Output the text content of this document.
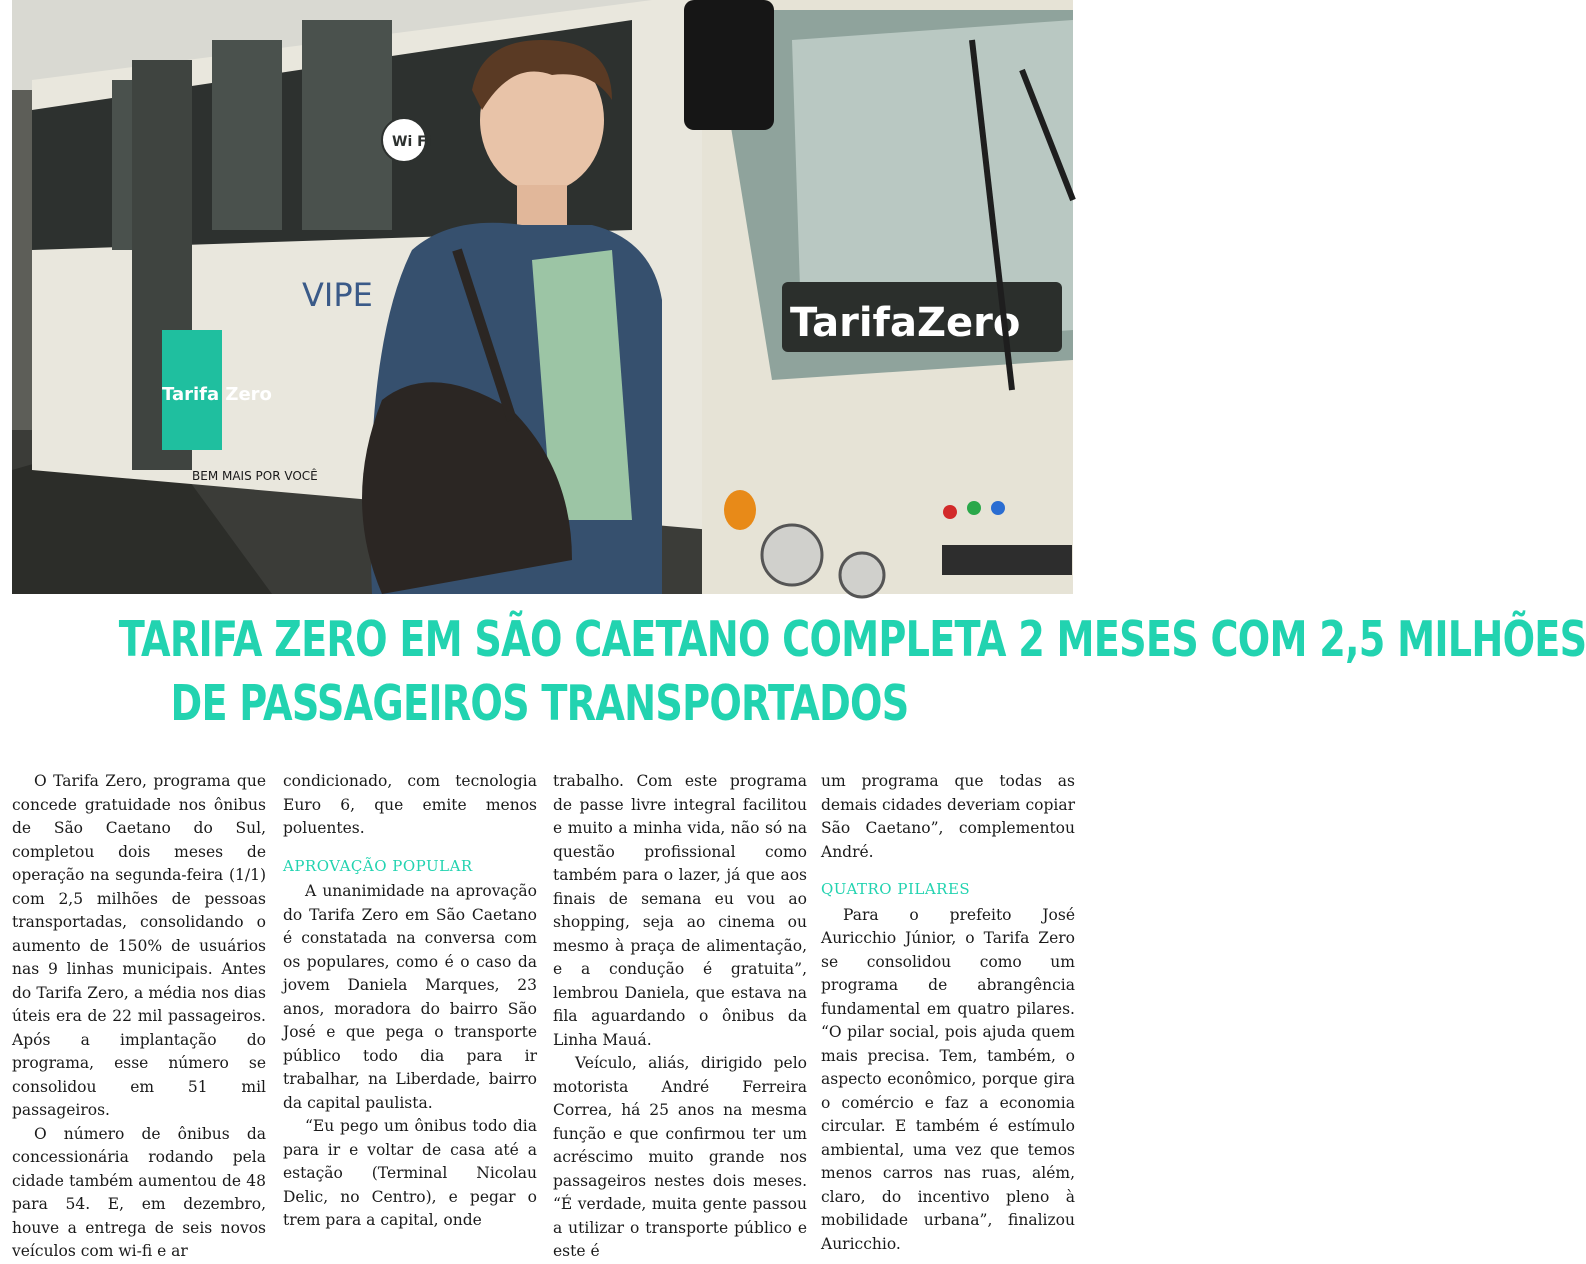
TarifaZero
Wi Fi
VIPE
Tarifa Zero
BEM MAIS POR VOCÊ
TARIFA ZERO EM SÃO CAETANO COMPLETA 2 MESES COM 2,5 MILHÕES
DE PASSAGEIROS TRANSPORTADOS

O Tarifa Zero, programa que concede gratuidade nos ônibus de São Caetano do Sul, completou dois meses de operação na segunda-feira (1/1) com 2,5 milhões de pessoas transportadas, consolidando o aumento de 150% de usuários nas 9 linhas municipais. Antes do Tarifa Zero, a média nos dias úteis era de 22 mil passageiros. Após a implantação do programa, esse número se consolidou em 51 mil passageiros.

O número de ônibus da concessionária rodando pela cidade também aumentou de 48 para 54. E, em dezembro, houve a entrega de seis novos veículos com wi-fi e ar

condicionado, com tecnologia Euro 6, que emite menos poluentes.

APROVAÇÃO POPULAR

A unanimidade na aprovação do Tarifa Zero em São Caetano é constatada na conversa com os populares, como é o caso da jovem Daniela Marques, 23 anos, moradora do bairro São José e que pega o transporte público todo dia para ir trabalhar, na Liberdade, bairro da capital paulista.

“Eu pego um ônibus todo dia para ir e voltar de casa até a estação (Terminal Nicolau Delic, no Centro), e pegar o trem para a capital, onde

trabalho. Com este programa de passe livre integral facilitou e muito a minha vida, não só na questão profissional como também para o lazer, já que aos finais de semana eu vou ao shopping, seja ao cinema ou mesmo à praça de alimentação, e a condução é gratuita”, lembrou Daniela, que estava na fila aguardando o ônibus da Linha Mauá.

Veículo, aliás, dirigido pelo motorista André Ferreira Correa, há 25 anos na mesma função e que confirmou ter um acréscimo muito grande nos passageiros nestes dois meses. “É verdade, muita gente passou a utilizar o transporte público e este é

um programa que todas as demais cidades deveriam copiar São Caetano”, complementou André.

QUATRO PILARES

Para o prefeito José Auricchio Júnior, o Tarifa Zero se consolidou como um programa de abrangência fundamental em quatro pilares. “O pilar social, pois ajuda quem mais precisa. Tem, também, o aspecto econômico, porque gira o comércio e faz a economia circular. E também é estímulo ambiental, uma vez que temos menos carros nas ruas, além, claro, do incentivo pleno à mobilidade urbana”, finalizou Auricchio.
